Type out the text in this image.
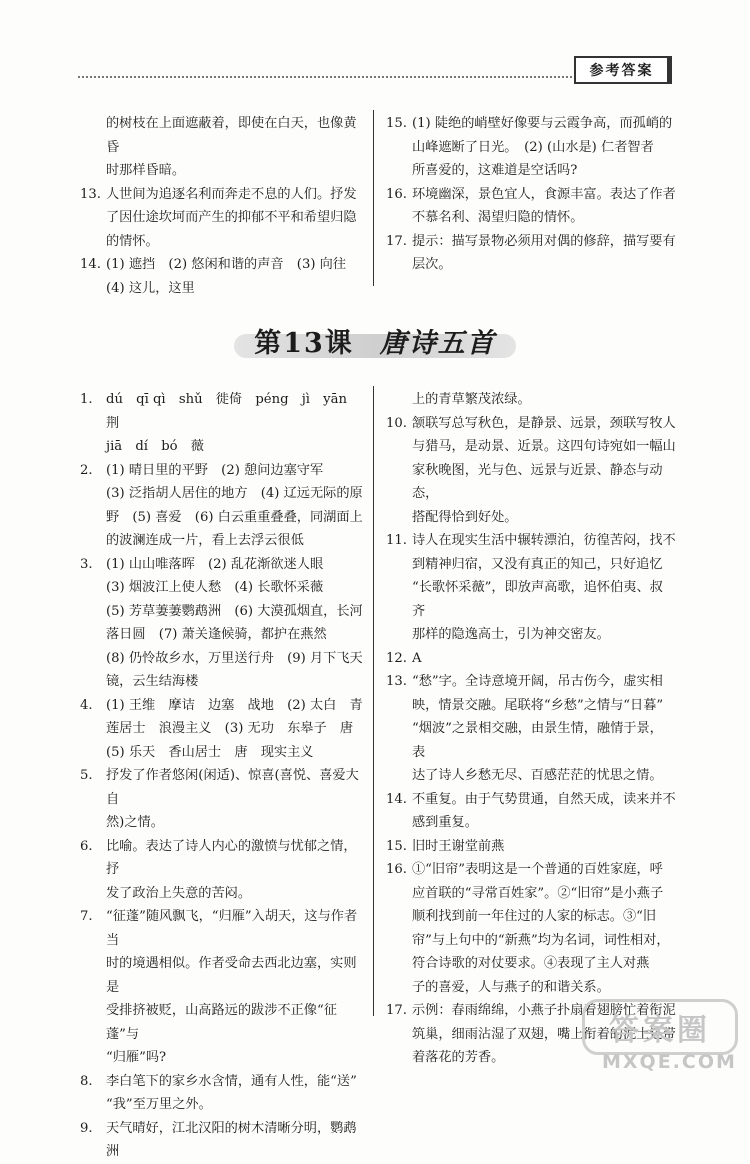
参考答案
的树枝在上面遮蔽着，即使在白天，也像黄昏
时那样昏暗。
13. 人世间为追逐名利而奔走不息的人们。抒发
了因仕途坎坷而产生的抑郁不平和希望归隐
的情怀。
14. (1) 遮挡　(2) 悠闲和谐的声音　(3) 向往
(4) 这儿，这里
15. (1) 陡绝的峭壁好像要与云霞争高，而孤峭的
山峰遮断了日光。　(2) (山水是) 仁者智者
所喜爱的，这难道是空话吗?
16. 环境幽深，景色宜人，食源丰富。表达了作者
不慕名利、渴望归隐的情怀。
17. 提示：描写景物必须用对偶的修辞，描写要有
层次。
第13课 唐诗五首
1. dú　qī qì　shǔ　徙倚　péng　jì　yān　荆
jiā　dí　bó　薇
2. (1) 晴日里的平野　(2) 憩问边塞守军
(3) 泛指胡人居住的地方　(4) 辽远无际的原
野　(5) 喜爱　(6) 白云重重叠叠，同湖面上
的波澜连成一片，看上去浮云很低
3. (1) 山山唯落晖　(2) 乱花渐欲迷人眼
(3) 烟波江上使人愁　(4) 长歌怀采薇
(5) 芳草萋萋鹦鹉洲　(6) 大漠孤烟直，长河
落日圆　(7) 萧关逢候骑，都护在燕然
(8) 仍怜故乡水，万里送行舟　(9) 月下飞天
镜，云生结海楼
4. (1) 王维　摩诘　边塞　战地　(2) 太白　青
莲居士　浪漫主义　(3) 无功　东皋子　唐
(5) 乐天　香山居士　唐　现实主义
5. 抒发了作者悠闲(闲适)、惊喜(喜悦、喜爱大自
然)之情。
6. 比喻。表达了诗人内心的激愤与忧郁之情，抒
发了政治上失意的苦闷。
7. “征蓬”随风飘飞，“归雁”入胡天，这与作者当
时的境遇相似。作者受命去西北边塞，实则是
受排挤被贬，山高路远的跋涉不正像“征蓬”与
“归雁”吗?
8. 李白笔下的家乡水含情，通有人性，能“送”
“我”至万里之外。
9. 天气晴好，江北汉阳的树木清晰分明，鹦鹉洲
上的青草繁茂浓绿。
10. 颔联写总写秋色，是静景、远景，颈联写牧人
与猎马，是动景、近景。这四句诗宛如一幅山
家秋晚图，光与色、远景与近景、静态与动态，
搭配得恰到好处。
11. 诗人在现实生活中辗转漂泊，彷徨苦闷，找不
到精神归宿，又没有真正的知己，只好追忆
“长歌怀采薇”，即放声高歌，追怀伯夷、叔齐
那样的隐逸高士，引为神交密友。
12. A
13. “愁”字。全诗意境开阔，吊古伤今，虚实相
映，情景交融。尾联将“乡愁”之情与“日暮”
“烟波”之景相交融，由景生情，融情于景，表
达了诗人乡愁无尽、百感茫茫的忧思之情。
14. 不重复。由于气势贯通，自然天成，读来并不
感到重复。
15. 旧时王谢堂前燕
16. ①“旧帘”表明这是一个普通的百姓家庭，呼
应首联的“寻常百姓家”。②“旧帘”是小燕子
顺利找到前一年住过的人家的标志。③“旧
帘”与上句中的“新燕”均为名词，词性相对，
符合诗歌的对仗要求。④表现了主人对燕
子的喜爱，人与燕子的和谐关系。
17. 示例：春雨绵绵，小燕子扑扇着翅膀忙着衔泥
筑巢，细雨沾湿了双翅，嘴上衔着的泥土还带
着落花的芳香。
答案圈
MXQE.COM
